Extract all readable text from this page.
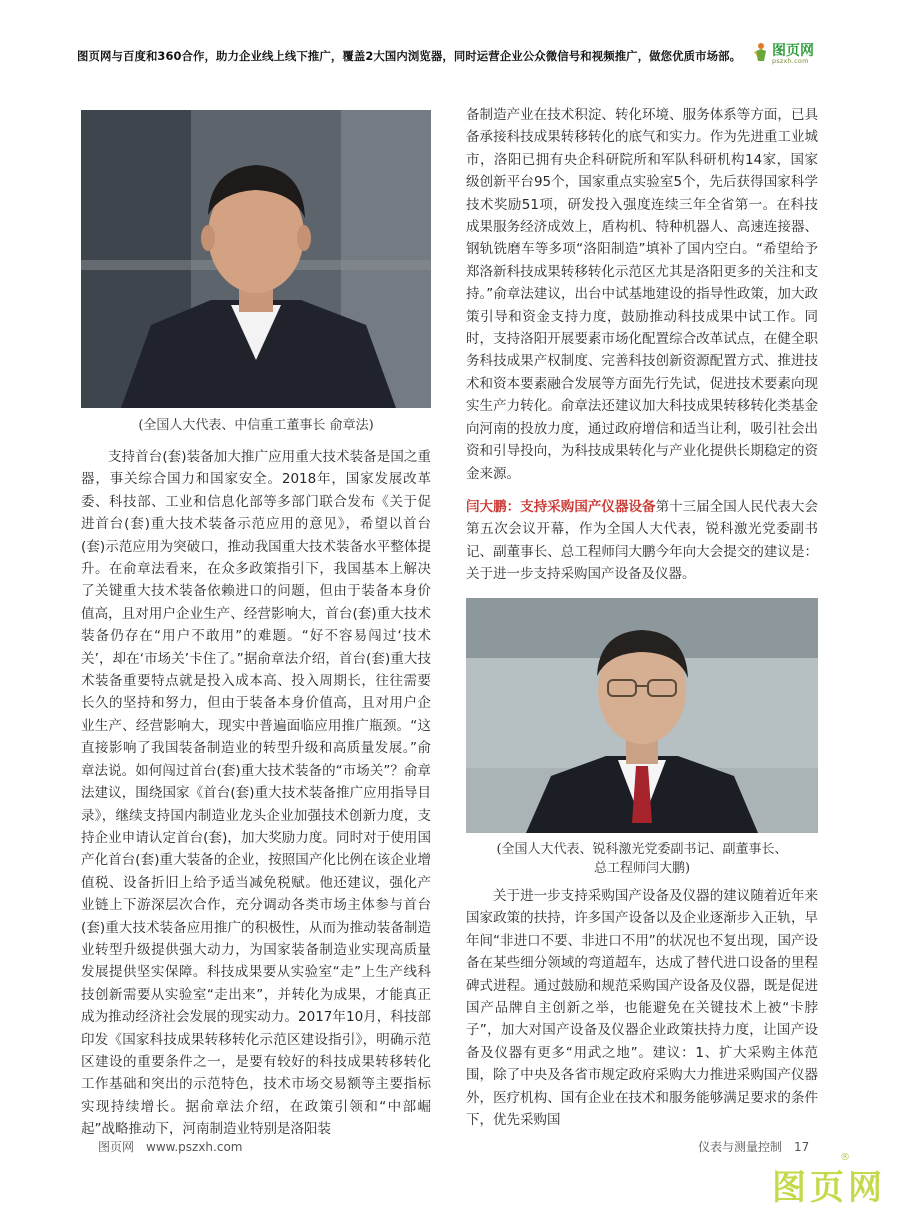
图页网与百度和360合作，助力企业线上线下推广，覆盖2大国内浏览器，同时运营企业公众微信号和视频推广，做您优质市场部。 图页网
pszxh.com
(全国人大代表、中信重工董事长 俞章法)

支持首台(套)装备加大推广应用重大技术装备是国之重器，事关综合国力和国家安全。2018年，国家发展改革委、科技部、工业和信息化部等多部门联合发布《关于促进首台(套)重大技术装备示范应用的意见》，希望以首台(套)示范应用为突破口，推动我国重大技术装备水平整体提升。在俞章法看来，在众多政策指引下，我国基本上解决了关键重大技术装备依赖进口的问题，但由于装备本身价值高，且对用户企业生产、经营影响大，首台(套)重大技术装备仍存在“用户不敢用”的难题。“好不容易闯过‘技术关’，却在‘市场关’卡住了。”据俞章法介绍，首台(套)重大技术装备重要特点就是投入成本高、投入周期长，往往需要长久的坚持和努力，但由于装备本身价值高，且对用户企业生产、经营影响大，现实中普遍面临应用推广瓶颈。“这直接影响了我国装备制造业的转型升级和高质量发展。”俞章法说。如何闯过首台(套)重大技术装备的“市场关”？俞章法建议，围绕国家《首台(套)重大技术装备推广应用指导目录》，继续支持国内制造业龙头企业加强技术创新力度，支持企业申请认定首台(套)，加大奖励力度。同时对于使用国产化首台(套)重大装备的企业，按照国产化比例在该企业增值税、设备折旧上给予适当减免税赋。他还建议，强化产业链上下游深层次合作，充分调动各类市场主体参与首台(套)重大技术装备应用推广的积极性，从而为推动装备制造业转型升级提供强大动力，为国家装备制造业实现高质量发展提供坚实保障。科技成果要从实验室“走”上生产线科技创新需要从实验室“走出来”，并转化为成果，才能真正成为推动经济社会发展的现实动力。2017年10月，科技部印发《国家科技成果转移转化示范区建设指引》，明确示范区建设的重要条件之一，是要有较好的科技成果转移转化工作基础和突出的示范特色，技术市场交易额等主要指标实现持续增长。据俞章法介绍，在政策引领和“中部崛起”战略推动下，河南制造业特别是洛阳装

备制造产业在技术积淀、转化环境、服务体系等方面，已具备承接科技成果转移转化的底气和实力。作为先进重工业城市，洛阳已拥有央企科研院所和军队科研机构14家，国家级创新平台95个，国家重点实验室5个，先后获得国家科学技术奖励51项，研发投入强度连续三年全省第一。在科技成果服务经济成效上，盾构机、特种机器人、高速连接器、钢轨铣磨车等多项“洛阳制造”填补了国内空白。“希望给予郑洛新科技成果转移转化示范区尤其是洛阳更多的关注和支持。”俞章法建议，出台中试基地建设的指导性政策，加大政策引导和资金支持力度，鼓励推动科技成果中试工作。同时，支持洛阳开展要素市场化配置综合改革试点，在健全职务科技成果产权制度、完善科技创新资源配置方式、推进技术和资本要素融合发展等方面先行先试，促进技术要素向现实生产力转化。俞章法还建议加大科技成果转移转化类基金向河南的投放力度，通过政府增信和适当让利，吸引社会出资和引导投向，为科技成果转化与产业化提供长期稳定的资金来源。

闫大鹏：支持采购国产仪器设备第十三届全国人民代表大会第五次会议开幕，作为全国人大代表，锐科激光党委副书记、副董事长、总工程师闫大鹏今年向大会提交的建议是：关于进一步支持采购国产设备及仪器。

(全国人大代表、锐科激光党委副书记、副董事长、
总工程师闫大鹏)

关于进一步支持采购国产设备及仪器的建议随着近年来国家政策的扶持，许多国产设备以及企业逐渐步入正轨，早年间“非进口不要、非进口不用”的状况也不复出现，国产设备在某些细分领域的弯道超车，达成了替代进口设备的里程碑式进程。通过鼓励和规范采购国产设备及仪器，既是促进国产品牌自主创新之举，也能避免在关键技术上被“卡脖子”，加大对国产设备及仪器企业政策扶持力度，让国产设备及仪器有更多“用武之地”。建议：1、扩大采购主体范围，除了中央及各省市规定政府采购大力推进采购国产仪器外，医疗机构、国有企业在技术和服务能够满足要求的条件下，优先采购国

图页网　www.pszxh.com	仪表与测量控制　17
图页网
®
